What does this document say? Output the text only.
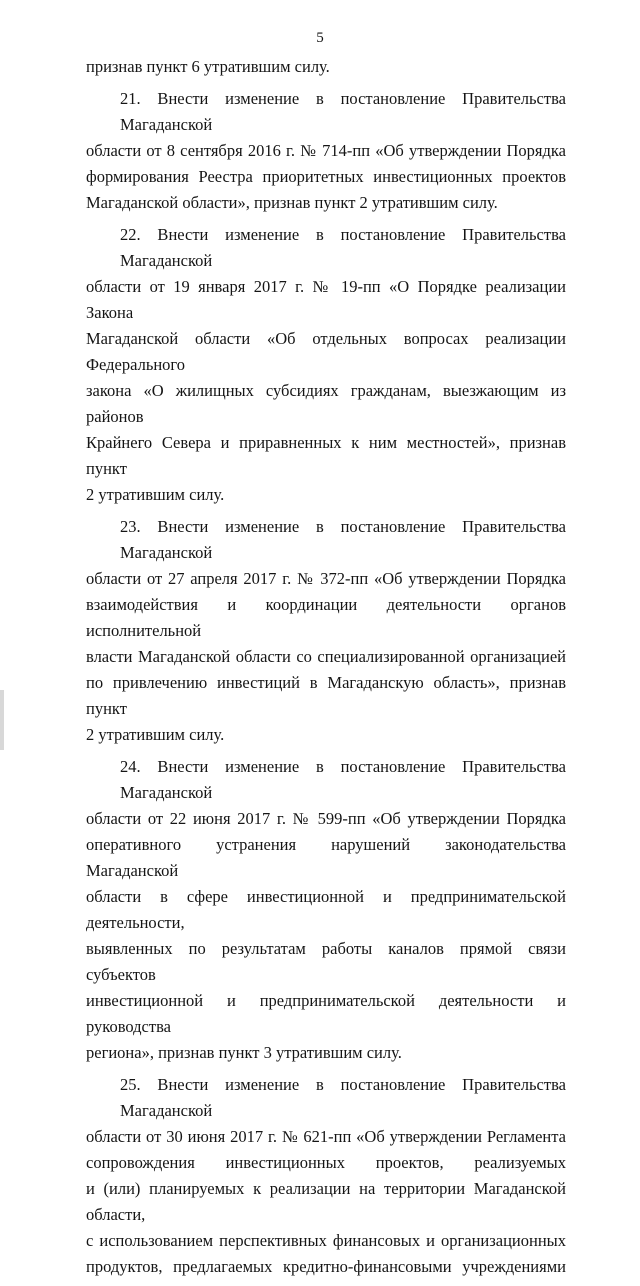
5
признав пункт 6 утратившим силу.
21. Внести изменение в постановление Правительства Магаданской
области от 8 сентября 2016 г. № 714-пп «Об утверждении Порядка
формирования Реестра приоритетных инвестиционных проектов
Магаданской области», признав пункт 2 утратившим силу.
22. Внести изменение в постановление Правительства Магаданской
области от 19 января 2017 г. № 19-пп «О Порядке реализации Закона
Магаданской области «Об отдельных вопросах реализации Федерального
закона «О жилищных субсидиях гражданам, выезжающим из районов
Крайнего Севера и приравненных к ним местностей», признав пункт
2 утратившим силу.
23. Внести изменение в постановление Правительства Магаданской
области от 27 апреля 2017 г. № 372-пп «Об утверждении Порядка
взаимодействия и координации деятельности органов исполнительной
власти Магаданской области со специализированной организацией
по привлечению инвестиций в Магаданскую область», признав пункт
2 утратившим силу.
24. Внести изменение в постановление Правительства Магаданской
области от 22 июня 2017 г. № 599-пп «Об утверждении Порядка
оперативного устранения нарушений законодательства Магаданской
области в сфере инвестиционной и предпринимательской деятельности,
выявленных по результатам работы каналов прямой связи субъектов
инвестиционной и предпринимательской деятельности и руководства
региона», признав пункт 3 утратившим силу.
25. Внести изменение в постановление Правительства Магаданской
области от 30 июня 2017 г. № 621-пп «Об утверждении Регламента
сопровождения инвестиционных проектов, реализуемых
и (или) планируемых к реализации на территории Магаданской области,
с использованием перспективных финансовых и организационных
продуктов, предлагаемых кредитно-финансовыми учреждениями
